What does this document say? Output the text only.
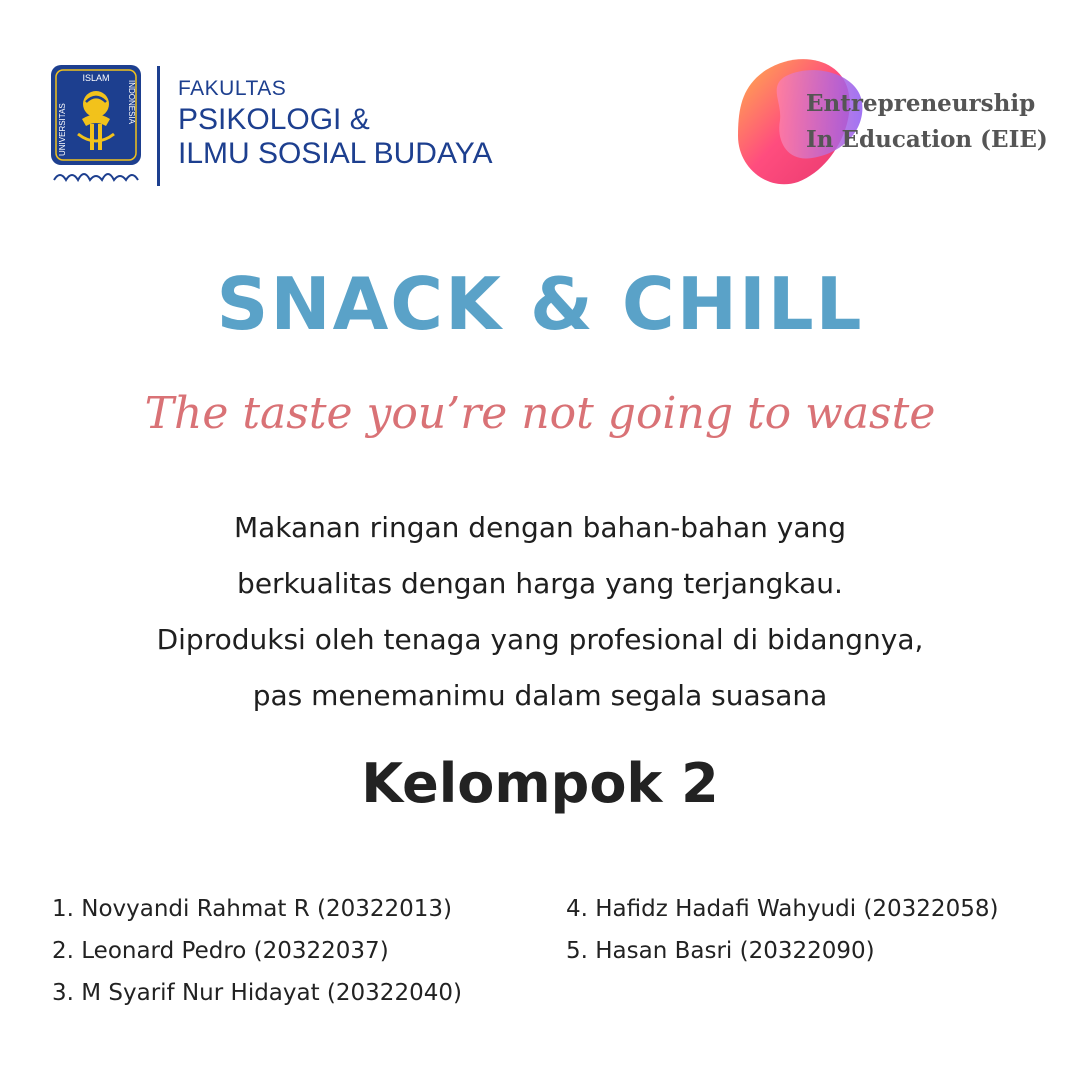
ISLAM
UNIVERSITAS
INDONESIA FAKULTAS
PSIKOLOGI &
ILMU SOSIAL BUDAYA
Entrepreneurship
In Education (EIE)
SNACK & CHILL
The taste you’re not going to waste
Makanan ringan dengan bahan-bahan yang
berkualitas dengan harga yang terjangkau.
Diproduksi oleh tenaga yang profesional di bidangnya,
pas menemanimu dalam segala suasana
Kelompok 2
1. Novyandi Rahmat R (20322013)
2. Leonard Pedro (20322037)
3. M Syarif Nur Hidayat (20322040)
4. Hafidz Hadafi Wahyudi (20322058)
5. Hasan Basri (20322090)
